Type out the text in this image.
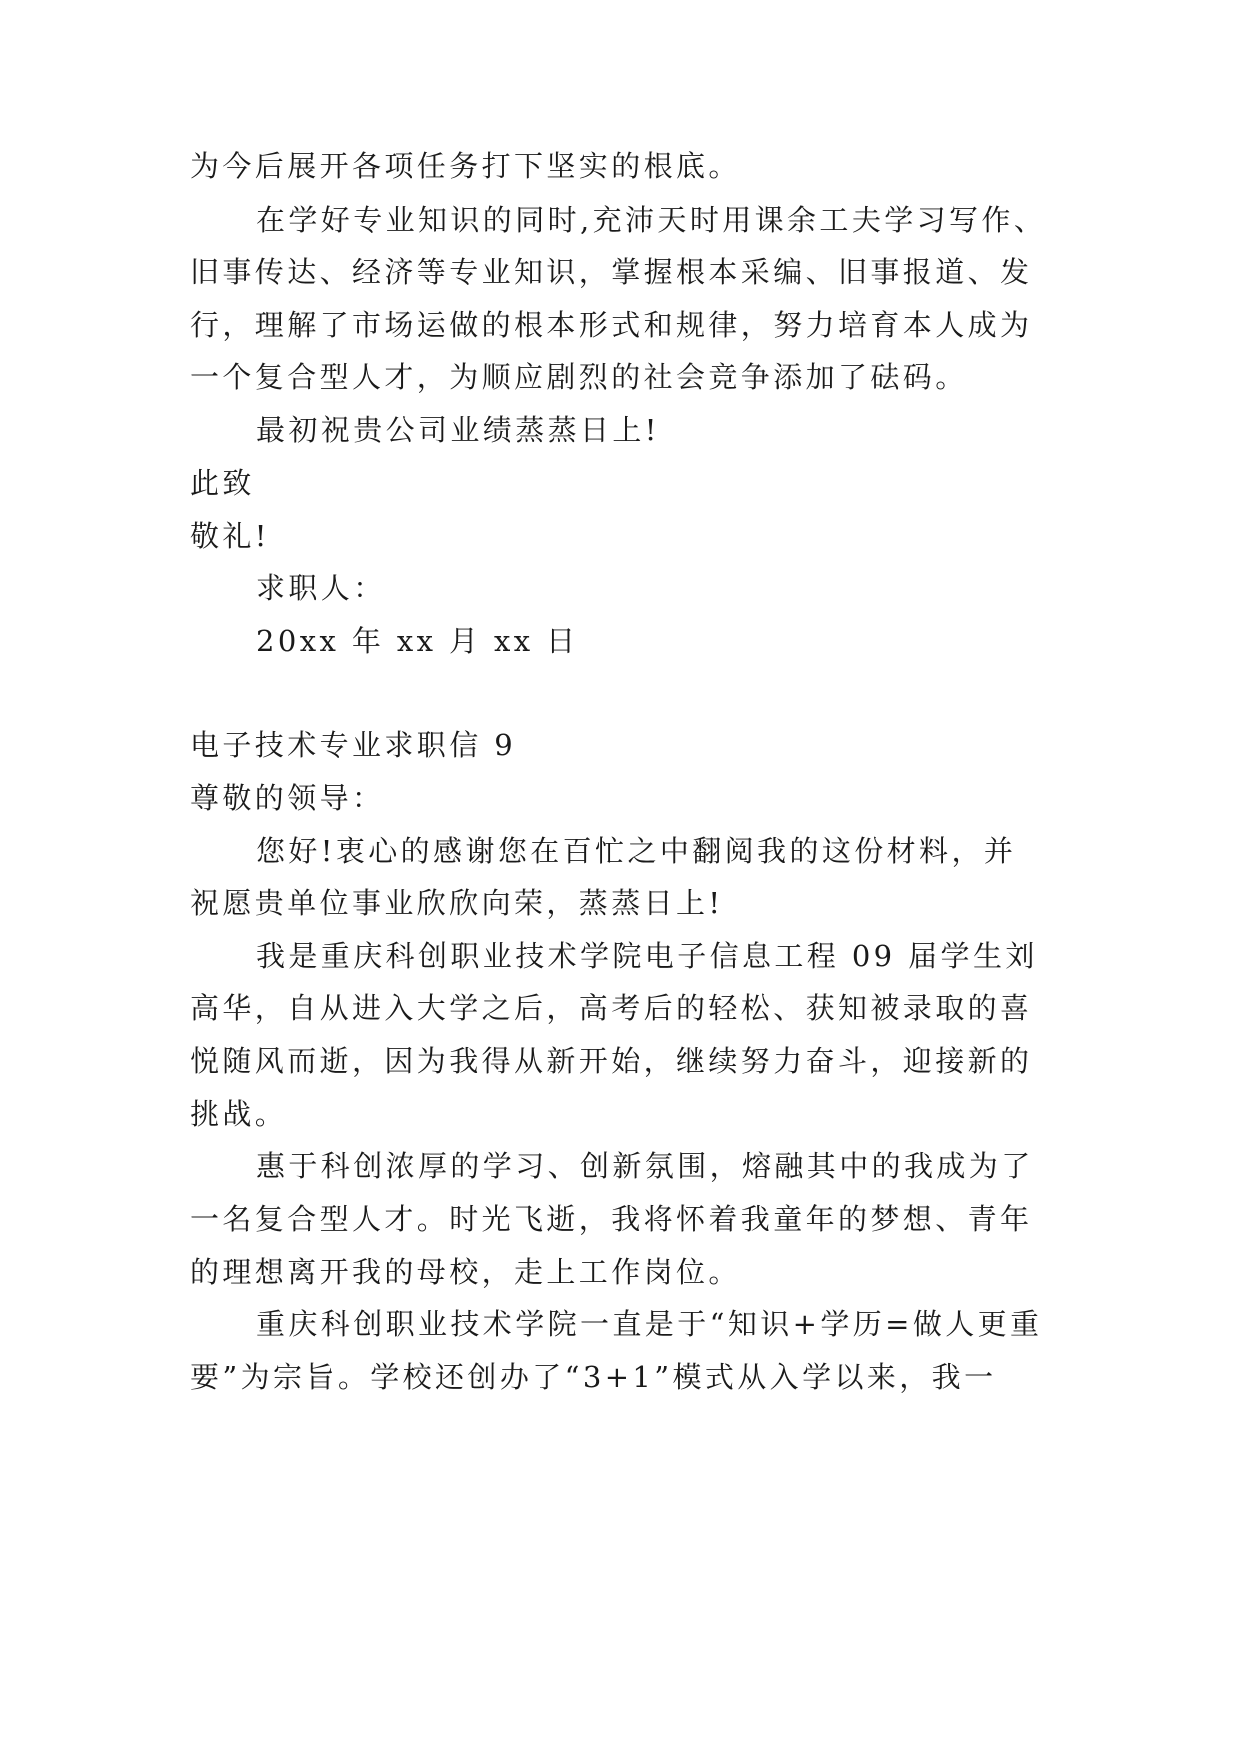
为今后展开各项任务打下坚实的根底。
在学好专业知识的同时,充沛天时用课余工夫学习写作、
旧事传达、经济等专业知识，掌握根本采编、旧事报道、发
行，理解了市场运做的根本形式和规律，努力培育本人成为
一个复合型人才，为顺应剧烈的社会竞争添加了砝码。
最初祝贵公司业绩蒸蒸日上!
此致
敬礼!
求职人：
20xx 年 xx 月 xx 日
电子技术专业求职信 9
尊敬的领导：
您好!衷心的感谢您在百忙之中翻阅我的这份材料，并
祝愿贵单位事业欣欣向荣，蒸蒸日上!
我是重庆科创职业技术学院电子信息工程 09 届学生刘
高华，自从进入大学之后，高考后的轻松、获知被录取的喜
悦随风而逝，因为我得从新开始，继续努力奋斗，迎接新的
挑战。
惠于科创浓厚的学习、创新氛围，熔融其中的我成为了
一名复合型人才。时光飞逝，我将怀着我童年的梦想、青年
的理想离开我的母校，走上工作岗位。
重庆科创职业技术学院一直是于“知识+学历=做人更重
要”为宗旨。学校还创办了“3+1”模式从入学以来，我一
